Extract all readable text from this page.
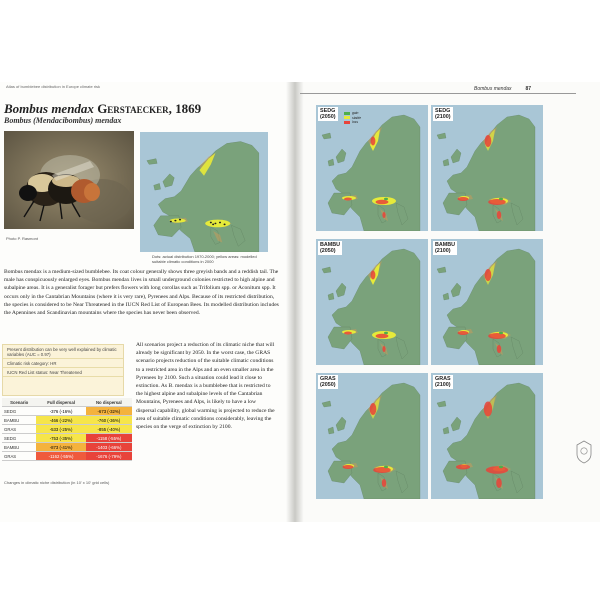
Atlas of bumblebee distribution in Europe climate risk	Bombus mendax	87
Bombus mendax Gerstaecker, 1869
Bombus (Mendacibombus) mendax
Photo P. Rasmont
Dots: actual distribution 1970-2000; yellow areas: modelled suitable climatic conditions in 2000

Bombus mendax is a medium-sized bumblebee. Its coat colour generally shows three greyish bands and a reddish tail. The male has conspicuously enlarged eyes. Bombus mendax lives in small underground colonies restricted to high alpine and subalpine areas. It is a generalist forager but prefers flowers with long corollas such as Trifolium spp. or Aconitum spp. It occurs only in the Cantabrian Mountains (where it is very rare), Pyrenees and Alps. Because of its restricted distribution, the species is considered to be Near Threatened in the IUCN Red List of European Bees. Its modelled distribution includes the Apennines and Scandinavian mountains where the species has never been observed.

Present distribution can be very well explained by climatic variables (AUC = 0.97)
Climatic risk category: HR
IUCN Red List status: Near Threatened

All scenarios project a reduction of its climatic niche that will already be significant by 2050. In the worst case, the GRAS scenario projects reduction of the suitable climatic conditions to a restricted area in the Alps and an even smaller area in the Pyrenees by 2100. Such a situation could lead it close to extinction. As B. mendax is a bumblebee that is restricted to the highest alpine and subalpine levels of the Cantabrian Mountains, Pyrenees and Alps, is likely to have a low dispersal capability, global warming is projected to reduce the area of suitable climatic conditions considerably, leaving the species on the verge of extinction by 2100.

Scenario	Full dispersal	No dispersal
SEDG	-376 (-16%)	-673 (-32%)
BAMBU	-466 (-22%)	-760 (-36%)
GRAS	-533 (-25%)	-855 (-40%)
SEDG	-753 (-35%)	-1158 (-55%)
BAMBU	-873 (-41%)	-1403 (-66%)
GRAS	-1162 (-55%)	-1676 (-79%)
Changes in climatic niche distribution (in 10' x 10' grid cells)
SEDG
(2050)
gain
stable
loss
SEDG
(2100)
BAMBU
(2050)
BAMBU
(2100)
GRAS
(2050)
GRAS
(2100)
